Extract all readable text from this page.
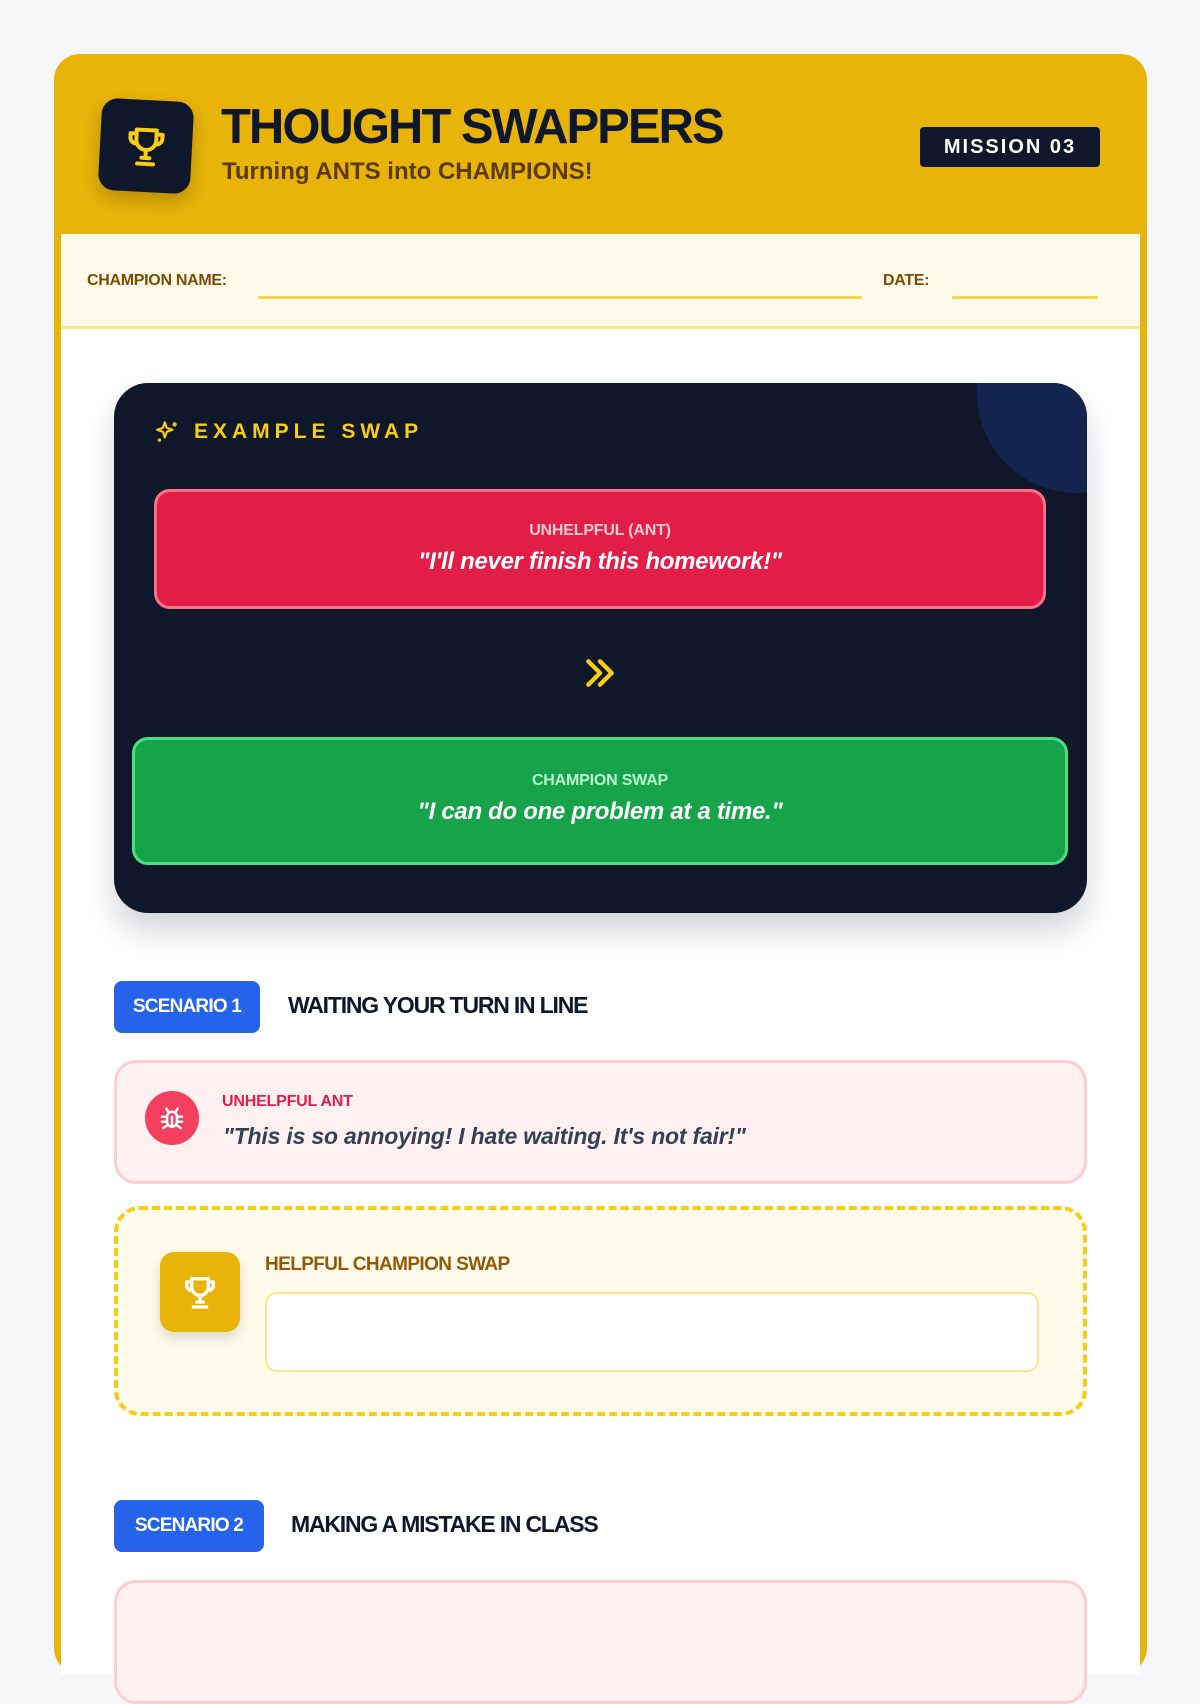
THOUGHT SWAPPERS
Turning ANTS into CHAMPIONS!
MISSION 03
CHAMPION NAME:	DATE:
EXAMPLE SWAP
UNHELPFUL (ANT)
"I'll never finish this homework!"
CHAMPION SWAP
"I can do one problem at a time."
SCENARIO 1	WAITING YOUR TURN IN LINE
UNHELPFUL ANT
"This is so annoying! I hate waiting. It's not fair!"
HELPFUL CHAMPION SWAP
SCENARIO 2	MAKING A MISTAKE IN CLASS
